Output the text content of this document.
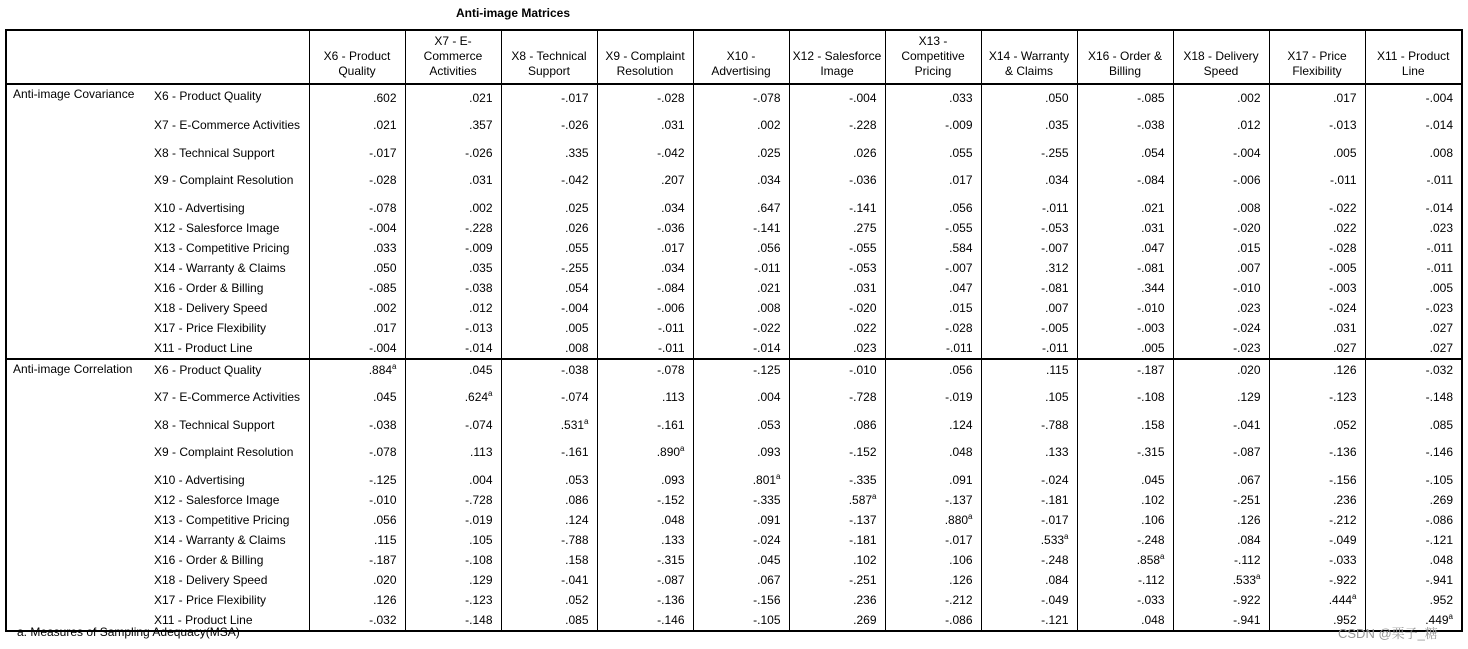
Anti-image Matrices
		X6 - Product Quality	X7 - E-Commerce Activities	X8 - Technical Support	X9 - Complaint Resolution	X10 - Advertising	X12 - Salesforce Image	X13 - Competitive Pricing	X14 - Warranty & Claims	X16 - Order & Billing	X18 - Delivery Speed	X17 - Price Flexibility	X11 - Product Line
Anti-image Covariance	X6 - Product Quality	.602	.021	-.017	-.028	-.078	-.004	.033	.050	-.085	.002	.017	-.004
	X7 - E-Commerce Activities	.021	.357	-.026	.031	.002	-.228	-.009	.035	-.038	.012	-.013	-.014
	X8 - Technical Support	-.017	-.026	.335	-.042	.025	.026	.055	-.255	.054	-.004	.005	.008
	X9 - Complaint Resolution	-.028	.031	-.042	.207	.034	-.036	.017	.034	-.084	-.006	-.011	-.011
	X10 - Advertising	-.078	.002	.025	.034	.647	-.141	.056	-.011	.021	.008	-.022	-.014
	X12 - Salesforce Image	-.004	-.228	.026	-.036	-.141	.275	-.055	-.053	.031	-.020	.022	.023
	X13 - Competitive Pricing	.033	-.009	.055	.017	.056	-.055	.584	-.007	.047	.015	-.028	-.011
	X14 - Warranty & Claims	.050	.035	-.255	.034	-.011	-.053	-.007	.312	-.081	.007	-.005	-.011
	X16 - Order & Billing	-.085	-.038	.054	-.084	.021	.031	.047	-.081	.344	-.010	-.003	.005
	X18 - Delivery Speed	.002	.012	-.004	-.006	.008	-.020	.015	.007	-.010	.023	-.024	-.023
	X17 - Price Flexibility	.017	-.013	.005	-.011	-.022	.022	-.028	-.005	-.003	-.024	.031	.027
	X11 - Product Line	-.004	-.014	.008	-.011	-.014	.023	-.011	-.011	.005	-.023	.027	.027
Anti-image Correlation	X6 - Product Quality	.884$^a$	.045	-.038	-.078	-.125	-.010	.056	.115	-.187	.020	.126	-.032
	X7 - E-Commerce Activities	.045	.624$^a$	-.074	.113	.004	-.728	-.019	.105	-.108	.129	-.123	-.148
	X8 - Technical Support	-.038	-.074	.531$^a$	-.161	.053	.086	.124	-.788	.158	-.041	.052	.085
	X9 - Complaint Resolution	-.078	.113	-.161	.890$^a$	.093	-.152	.048	.133	-.315	-.087	-.136	-.146
	X10 - Advertising	-.125	.004	.053	.093	.801$^a$	-.335	.091	-.024	.045	.067	-.156	-.105
	X12 - Salesforce Image	-.010	-.728	.086	-.152	-.335	.587$^a$	-.137	-.181	.102	-.251	.236	.269
	X13 - Competitive Pricing	.056	-.019	.124	.048	.091	-.137	.880$^a$	-.017	.106	.126	-.212	-.086
	X14 - Warranty & Claims	.115	.105	-.788	.133	-.024	-.181	-.017	.533$^a$	-.248	.084	-.049	-.121
	X16 - Order & Billing	-.187	-.108	.158	-.315	.045	.102	.106	-.248	.858$^a$	-.112	-.033	.048
	X18 - Delivery Speed	.020	.129	-.041	-.087	.067	-.251	.126	.084	-.112	.533$^a$	-.922	-.941
	X17 - Price Flexibility	.126	-.123	.052	-.136	-.156	.236	-.212	-.049	-.033	-.922	.444$^a$	.952
	X11 - Product Line	-.032	-.148	.085	-.146	-.105	.269	-.086	-.121	.048	-.941	.952	.449$^a$
a. Measures of Sampling Adequacy(MSA)	CSDN @栗子_糖
